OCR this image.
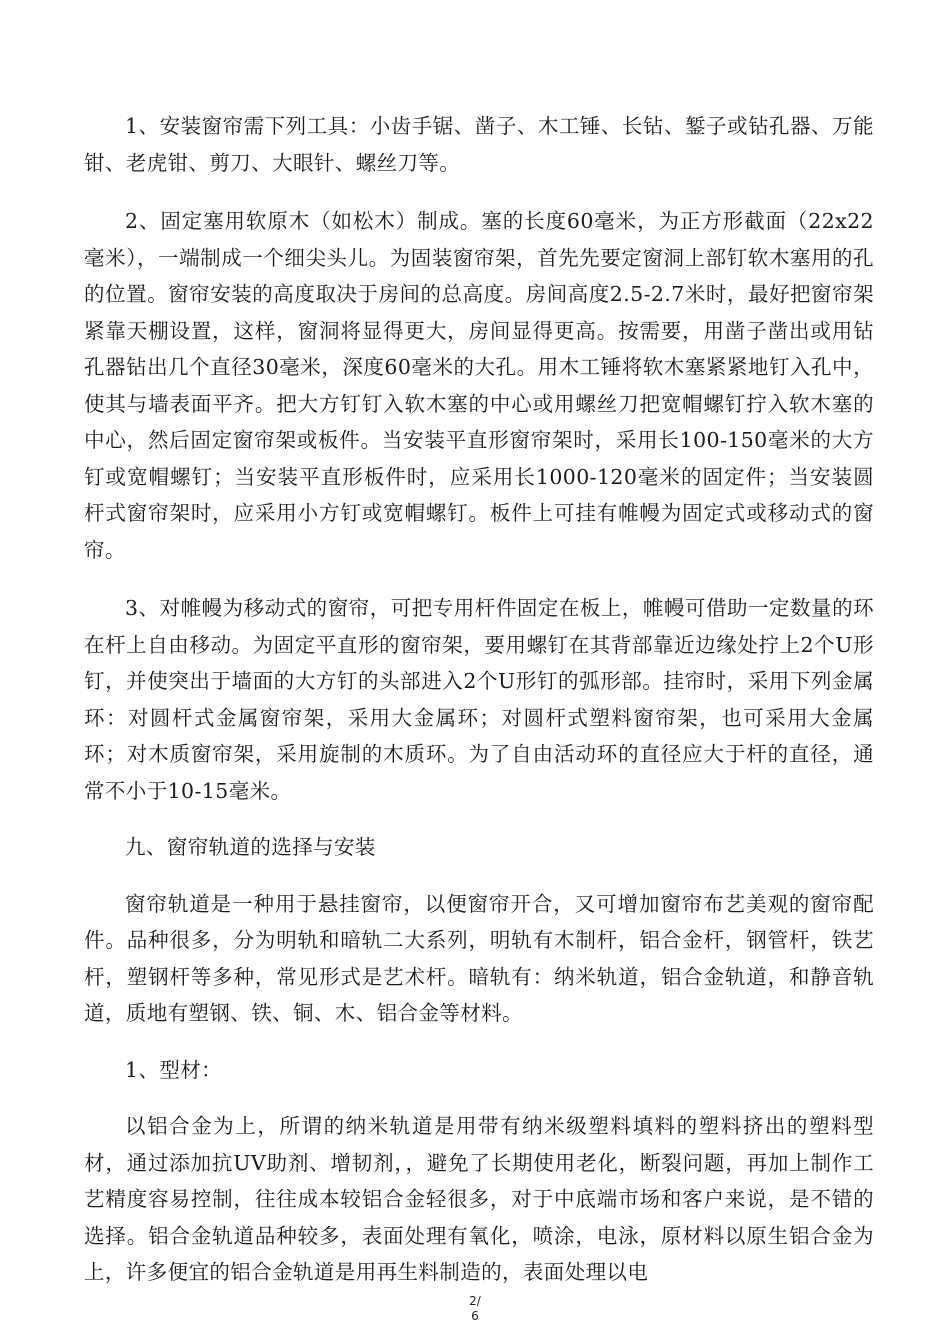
1、安装窗帘需下列工具：小齿手锯、凿子、木工锤、长钻、錾子或钻孔器、万能钳、老虎钳、剪刀、大眼针、螺丝刀等。

2、固定塞用软原木（如松木）制成。塞的长度60毫米，为正方形截面（22x22毫米），一端制成一个细尖头儿。为固装窗帘架，首先先要定窗洞上部钉软木塞用的孔的位置。窗帘安装的高度取决于房间的总高度。房间高度2.5-2.7米时，最好把窗帘架紧靠天棚设置，这样，窗洞将显得更大，房间显得更高。按需要，用凿子凿出或用钻孔器钻出几个直径30毫米，深度60毫米的大孔。用木工锤将软木塞紧紧地钉入孔中，使其与墙表面平齐。把大方钉钉入软木塞的中心或用螺丝刀把宽帽螺钉拧入软木塞的中心，然后固定窗帘架或板件。当安装平直形窗帘架时，采用长100-150毫米的大方钉或宽帽螺钉；当安装平直形板件时，应采用长1000-120毫米的固定件；当安装圆杆式窗帘架时，应采用小方钉或宽帽螺钉。板件上可挂有帷幔为固定式或移动式的窗帘。

3、对帷幔为移动式的窗帘，可把专用杆件固定在板上，帷幔可借助一定数量的环在杆上自由移动。为固定平直形的窗帘架，要用螺钉在其背部靠近边缘处拧上2个U形钉，并使突出于墙面的大方钉的头部进入2个U形钉的弧形部。挂帘时，采用下列金属环：对圆杆式金属窗帘架，采用大金属环；对圆杆式塑料窗帘架，也可采用大金属环；对木质窗帘架，采用旋制的木质环。为了自由活动环的直径应大于杆的直径，通常不小于10-15毫米。

九、窗帘轨道的选择与安装

窗帘轨道是一种用于悬挂窗帘，以便窗帘开合，又可增加窗帘布艺美观的窗帘配件。品种很多，分为明轨和暗轨二大系列，明轨有木制杆，铝合金杆，钢管杆，铁艺杆，塑钢杆等多种，常见形式是艺术杆。暗轨有：纳米轨道，铝合金轨道，和静音轨道，质地有塑钢、铁、铜、木、铝合金等材料。

1、型材：

以铝合金为上，所谓的纳米轨道是用带有纳米级塑料填料的塑料挤出的塑料型材，通过添加抗UV助剂、增韧剂，，避免了长期使用老化，断裂问题，再加上制作工艺精度容易控制，往往成本较铝合金轻很多，对于中底端市场和客户来说，是不错的选择。铝合金轨道品种较多，表面处理有氧化，喷涂，电泳，原材料以原生铝合金为上，许多便宜的铝合金轨道是用再生料制造的，表面处理以电

2/
6
